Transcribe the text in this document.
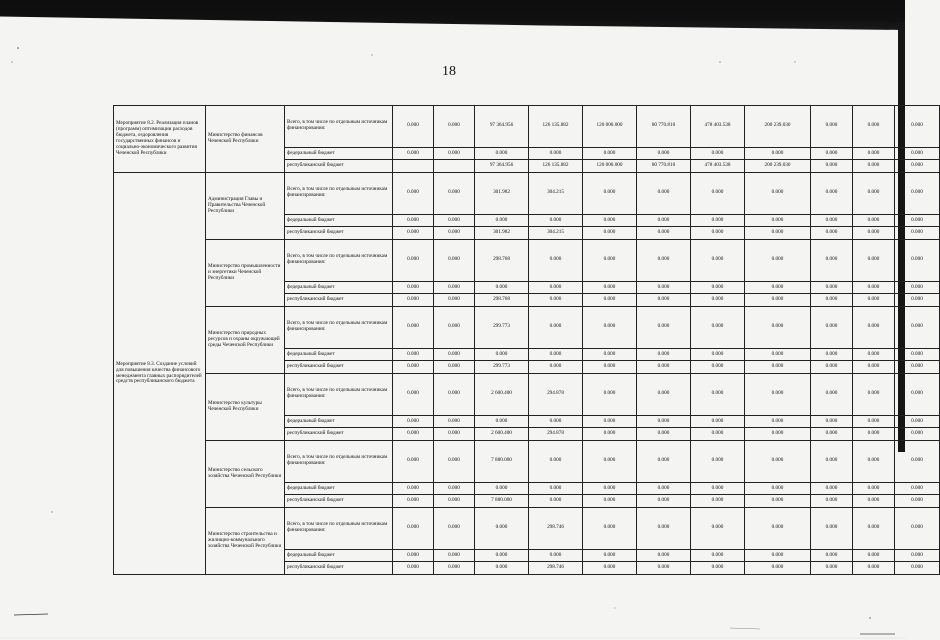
18
Мероприятие 8.2. Реализация планов (программ) оптимизации расходов бюджета, оздоровления государственных финансов и социально-экономического развития Чеченской Республики	Министерство финансов Чеченской Республики	Всего, в том числе по отдельным источникам финансирования:	0.000	0.000	97 364.956	126 135.882	120 000.000	80 770.810	478 403.538	200 239.030	0.000	0.000	0.000
		федеральный бюджет	0.000	0.000	0.000	0.000	0.000	0.000	0.000	0.000	0.000	0.000	0.000
		республиканский бюджет			97 364.956	126 135.882	120 000.000	80 770.810	478 403.538	200 239.030	0.000	0.000	0.000
Мероприятие 8.3. Создание условий для повышения качества финансового менеджмента главных распорядителей средств республиканского бюджета	Администрация Главы и Правительства Чеченской Республики	Всего, в том числе по отдельным источникам финансирования:	0.000	0.000	301.982	304.215	0.000	0.000	0.000	0.000	0.000	0.000	0.000
		федеральный бюджет	0.000	0.000	0.000	0.000	0.000	0.000	0.000	0.000	0.000	0.000	0.000
		республиканский бюджет	0.000	0.000	301.982	304.215	0.000	0.000	0.000	0.000	0.000	0.000	0.000
	Министерство промышленности и энергетики Чеченской Республики	Всего, в том числе по отдельным источникам финансирования:	0.000	0.000	298.768	0.000	0.000	0.000	0.000	0.000	0.000	0.000	0.000
		федеральный бюджет	0.000	0.000	0.000	0.000	0.000	0.000	0.000	0.000	0.000	0.000	0.000
		республиканский бюджет	0.000	0.000	298.768	0.000	0.000	0.000	0.000	0.000	0.000	0.000	0.000
	Министерство природных ресурсов и охраны окружающей среды Чеченской Республики	Всего, в том числе по отдельным источникам финансирования:	0.000	0.000	299.773	0.000	0.000	0.000	0.000	0.000	0.000	0.000	0.000
		федеральный бюджет	0.000	0.000	0.000	0.000	0.000	0.000	0.000	0.000	0.000	0.000	0.000
		республиканский бюджет	0.000	0.000	299.773	0.000	0.000	0.000	0.000	0.000	0.000	0.000	0.000
	Министерство культуры Чеченской Республики	Всего, в том числе по отдельным источникам финансирования:	0.000	0.000	2 600.400	294.878	0.000	0.000	0.000	0.000	0.000	0.000	0.000
		федеральный бюджет	0.000	0.000	0.000	0.000	0.000	0.000	0.000	0.000	0.000	0.000	0.000
		республиканский бюджет	0.000	0.000	2 600.400	294.878	0.000	0.000	0.000	0.000	0.000	0.000	0.000
	Министерство сельского хозяйства Чеченской Республики	Всего, в том числе по отдельным источникам финансирования:	0.000	0.000	7 880.000	0.000	0.000	0.000	0.000	0.000	0.000	0.000	0.000
		федеральный бюджет	0.000	0.000	0.000	0.000	0.000	0.000	0.000	0.000	0.000	0.000	0.000
		республиканский бюджет	0.000	0.000	7 880.000	0.000	0.000	0.000	0.000	0.000	0.000	0.000	0.000
	Министерство строительства и жилищно-коммунального хозяйства Чеченской Республики	Всего, в том числе по отдельным источникам финансирования:	0.000	0.000	0.000	298.746	0.000	0.000	0.000	0.000	0.000	0.000	0.000
		федеральный бюджет	0.000	0.000	0.000	0.000	0.000	0.000	0.000	0.000	0.000	0.000	0.000
		республиканский бюджет	0.000	0.000	0.000	298.746	0.000	0.000	0.000	0.000	0.000	0.000	0.000
